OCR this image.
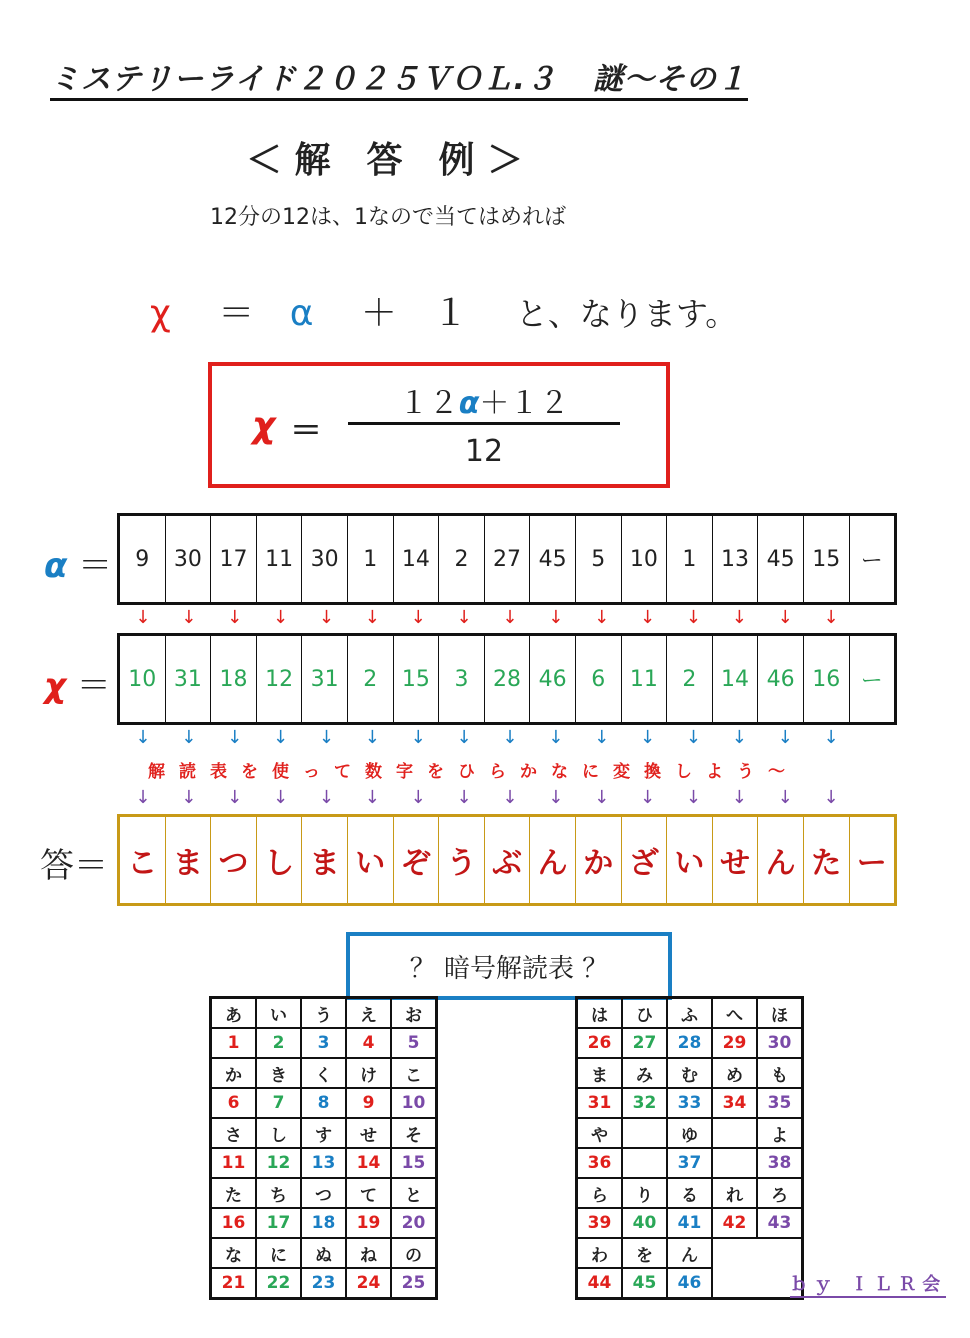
ミステリーライド２０２５ＶＯＬ.３ 謎～その１
＜ 解　答　例 ＞
12分の12は、1なので当てはめれば
χ ＝ α ＋ １ と、なります。
χ ＝
１２α＋１２
12
α ＝	9	30 17 11 30	1	14	2	27 45	5	10	1	13 45 15 ー
↓	↓	↓	↓	↓	↓	↓	↓	↓	↓	↓	↓	↓	↓	↓	↓
χ ＝ 10 31 18 12 31	2	15	3	28 46	6	11	2	14 46 16 ー
↓	↓	↓	↓	↓	↓	↓	↓	↓	↓	↓	↓	↓	↓	↓	↓
解読表を使って数字をひらかなに変換しよう～
↓	↓	↓	↓	↓	↓	↓	↓	↓	↓	↓	↓	↓	↓	↓	↓
答＝ こ ま つ し ま い ぞ う ぶ ん か ざ い せ ん た ー
？ 暗号解読表 ？
あ	い	う	え	お
1	2	3	4	5
か	き	く	け	こ
6	7	8	9	10
さ	し	す	せ	そ
11	12	13	14	15
た	ち	つ	て	と
16	17	18	19	20
な	に	ぬ	ね	の
21	22	23	24	25
は	ひ	ふ	へ	ほ
26	27	28	29	30
ま	み	む	め	も
31	32	33	34	35
や		ゆ		よ
36		37		38
ら	り	る	れ	ろ
39	40	41	42	43
わ	を	ん		
44	45	46			ｂｙ ＩＬＲ会
